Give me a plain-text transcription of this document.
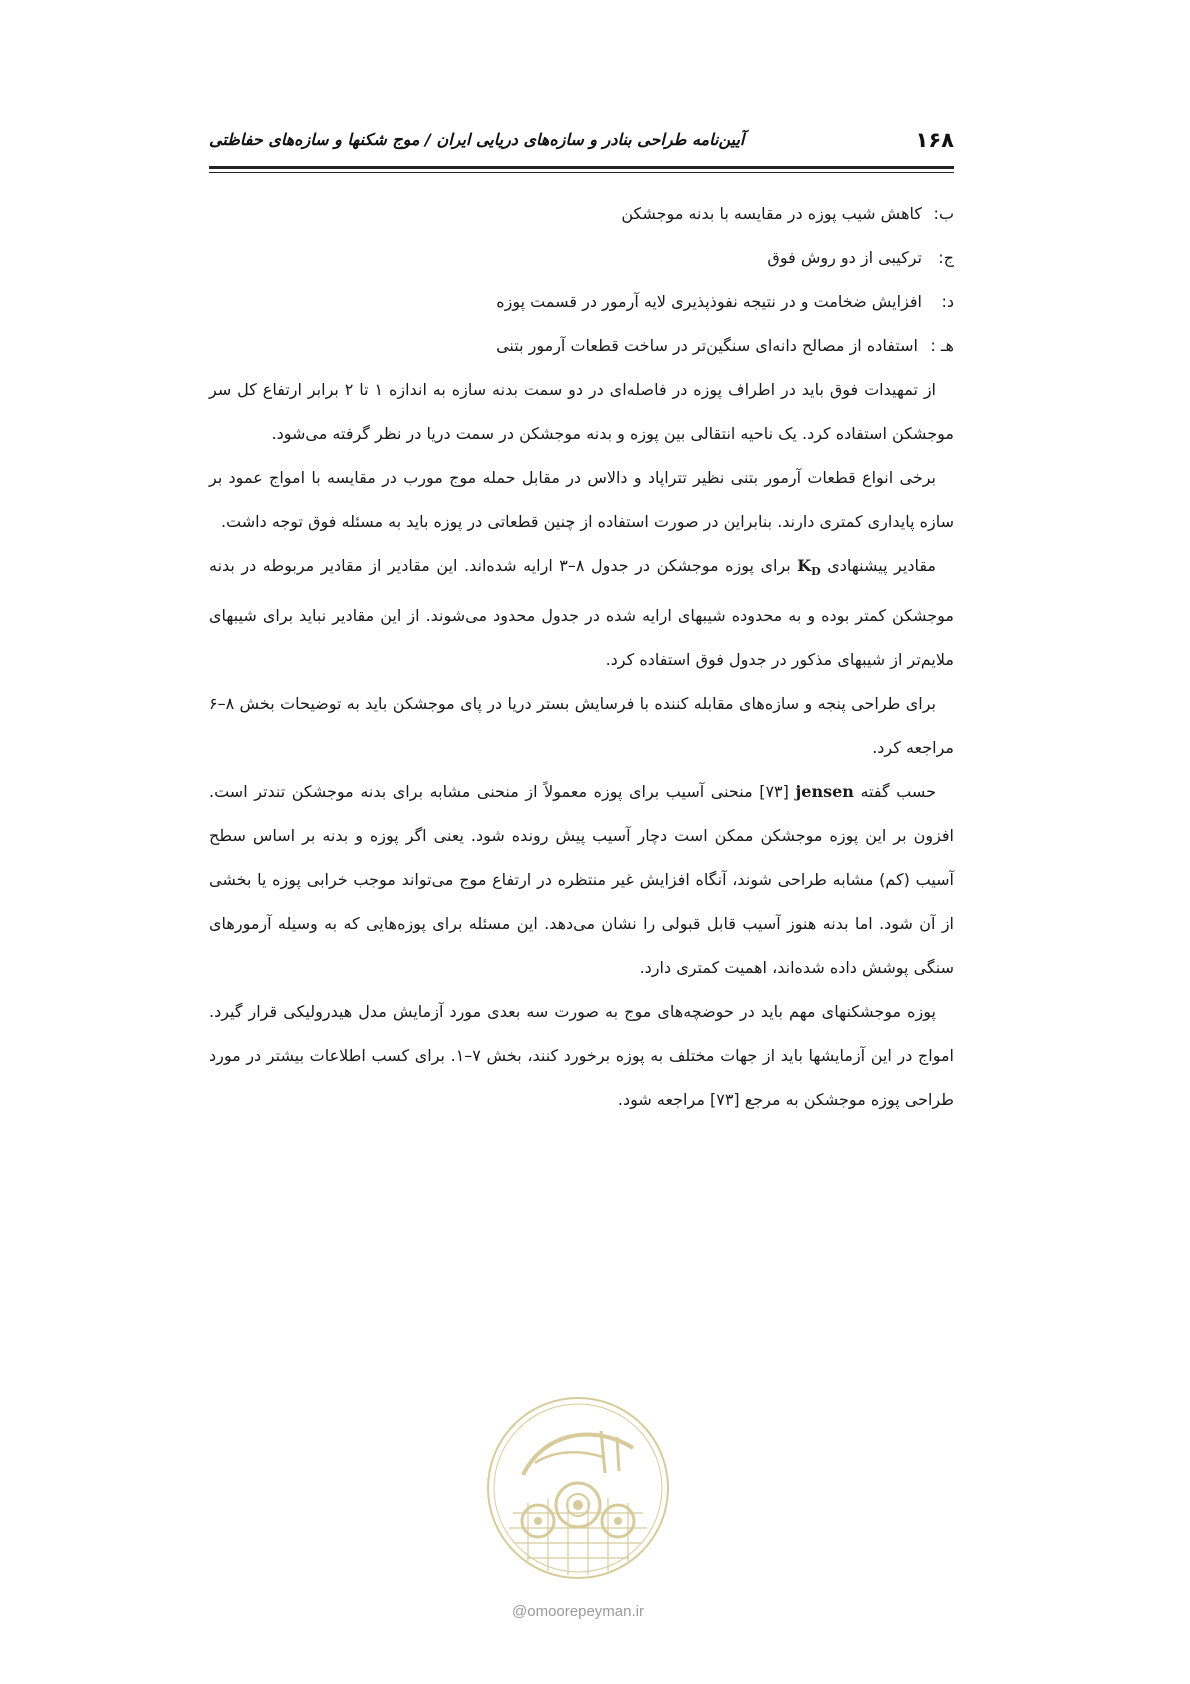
۱۶۸
آیین‌نامه طراحی بنادر و سازه‌های دریایی ایران / موج شکنها و سازه‌های حفاظتی
ب:
کاهش شیب پوزه در مقایسه با بدنه موجشکن
ج:
ترکیبی از دو روش فوق
د:
افزایش ضخامت و در نتیجه نفوذپذیری لایه آرمور در قسمت پوزه
هـ :
استفاده از مصالح دانه‌ای سنگین‌تر در ساخت قطعات آرمور بتنی

از تمهیدات فوق باید در اطراف پوزه در فاصله‌ای در دو سمت بدنه سازه به اندازه ۱ تا ۲ برابر ارتفاع کل سر موجشکن استفاده کرد. یک ناحیه انتقالی بین پوزه و بدنه موجشکن در سمت دریا در نظر گرفته می‌شود.

برخی انواع قطعات آرمور بتنی نظیر تتراپاد و دالاس در مقابل حمله موج مورب در مقایسه با امواج عمود بر سازه پایداری کمتری دارند. بنابراین در صورت استفاده از چنین قطعاتی در پوزه باید به مسئله فوق توجه داشت.

مقادیر پیشنهادی $K_D$ برای پوزه موجشکن در جدول ۸–۳ ارایه شده‌اند. این مقادیر از مقادیر مربوطه در بدنه موجشکن کمتر بوده و به محدوده شیبهای ارایه شده در جدول محدود می‌شوند. از این مقادیر نباید برای شیبهای ملایم‌تر از شیبهای مذکور در جدول فوق استفاده کرد.

برای طراحی پنجه و سازه‌های مقابله کننده با فرسایش بستر دریا در پای موجشکن باید به توضیحات بخش ۸–۶ مراجعه کرد.

حسب گفته jensen [۷۳] منحنی آسیب برای پوزه معمولاً از منحنی مشابه برای بدنه موجشکن تندتر است. افزون بر این پوزه موجشکن ممکن است دچار آسیب پیش رونده شود. یعنی اگر پوزه و بدنه بر اساس سطح آسیب (کم) مشابه طراحی شوند، آنگاه افزایش غیر منتظره در ارتفاع موج می‌تواند موجب خرابی پوزه یا بخشی از آن شود. اما بدنه هنوز آسیب قابل قبولی را نشان می‌دهد. این مسئله برای پوزه‌هایی که به وسیله آرمورهای سنگی پوشش داده شده‌اند، اهمیت کمتری دارد.

پوزه موجشکنهای مهم باید در حوضچه‌های موج به صورت سه بعدی مورد آزمایش مدل هیدرولیکی قرار گیرد. امواج در این آزمایشها باید از جهات مختلف به پوزه برخورد کنند، بخش ۷–۱. برای کسب اطلاعات بیشتر در مورد طراحی پوزه موجشکن به مرجع [۷۳] مراجعه شود.

@omoorepeyman.ir
